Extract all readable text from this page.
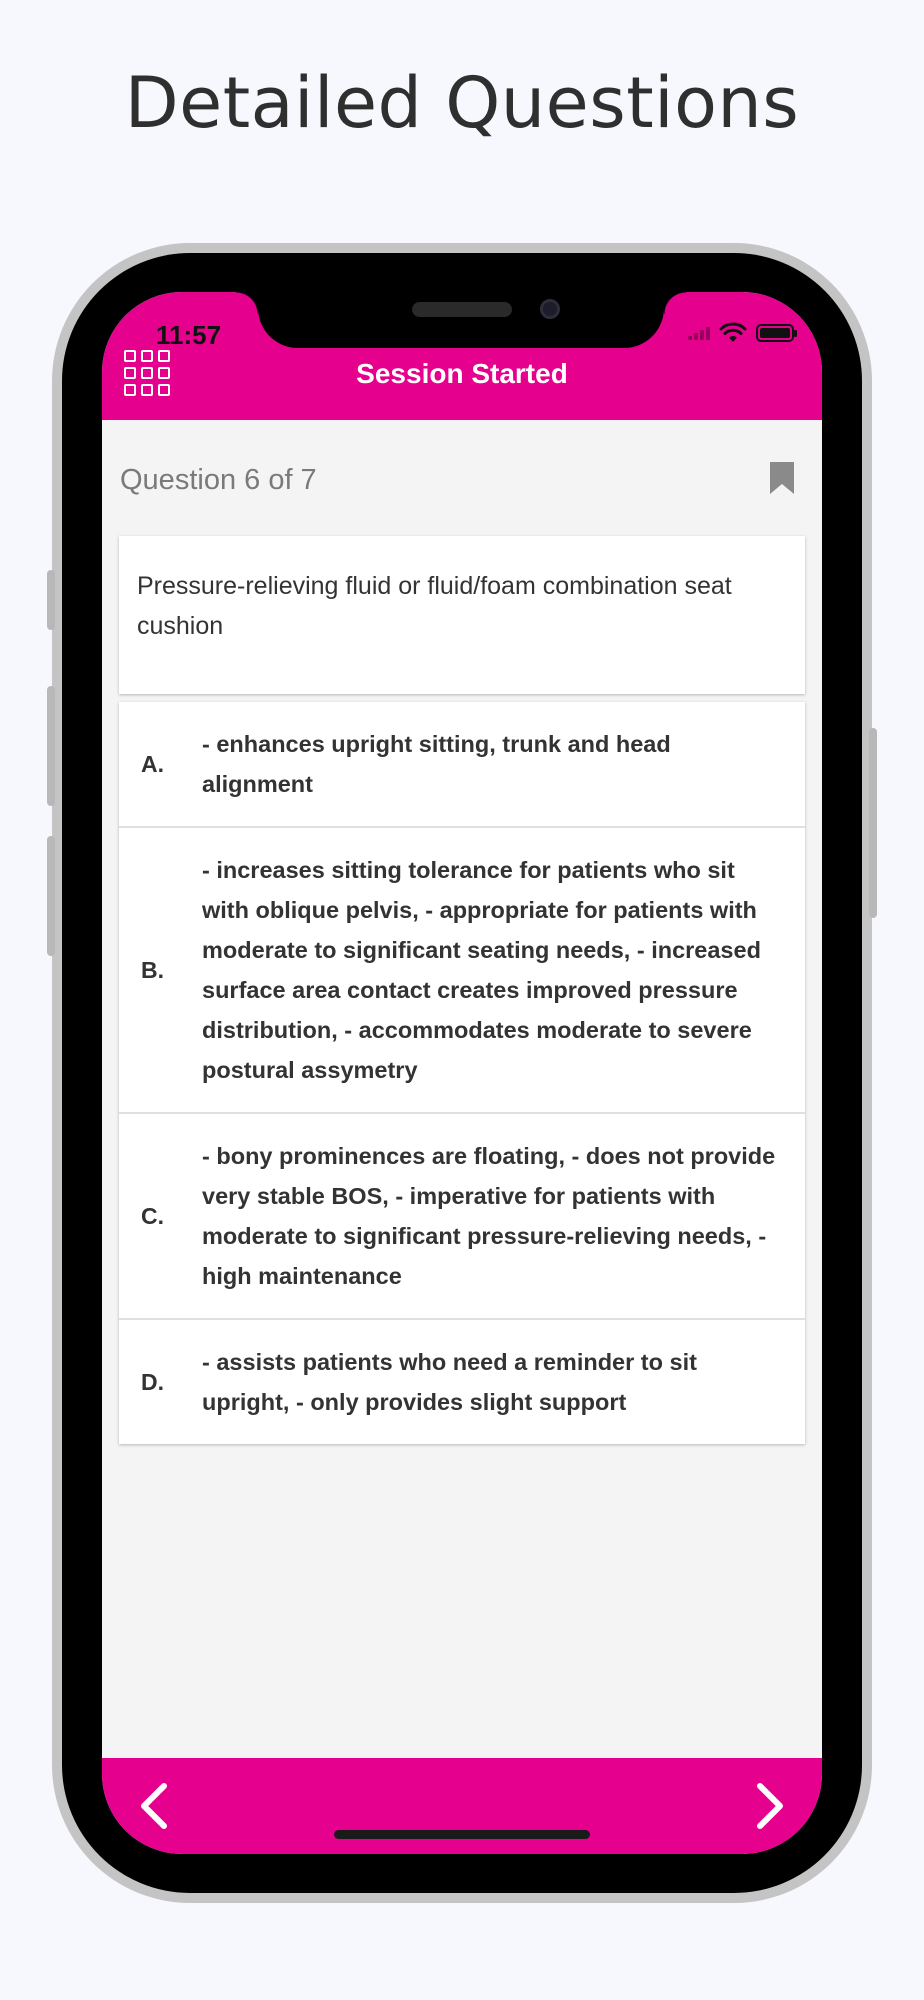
Detailed Questions
11:57
Session Started
Question 6 of 7
Pressure-relieving fluid or fluid/foam combination seat cushion
A.
- enhances upright sitting, trunk and head alignment
B.
- increases sitting tolerance for patients who sit with oblique pelvis, - appropriate for patients with moderate to significant seating needs, - increased surface area contact creates improved pressure distribution, - accommodates moderate to severe postural assymetry
C.
- bony prominences are floating, - does not provide very stable BOS, - imperative for patients with moderate to significant pressure-relieving needs, - high maintenance
D.
- assists patients who need a reminder to sit upright, - only provides slight support
